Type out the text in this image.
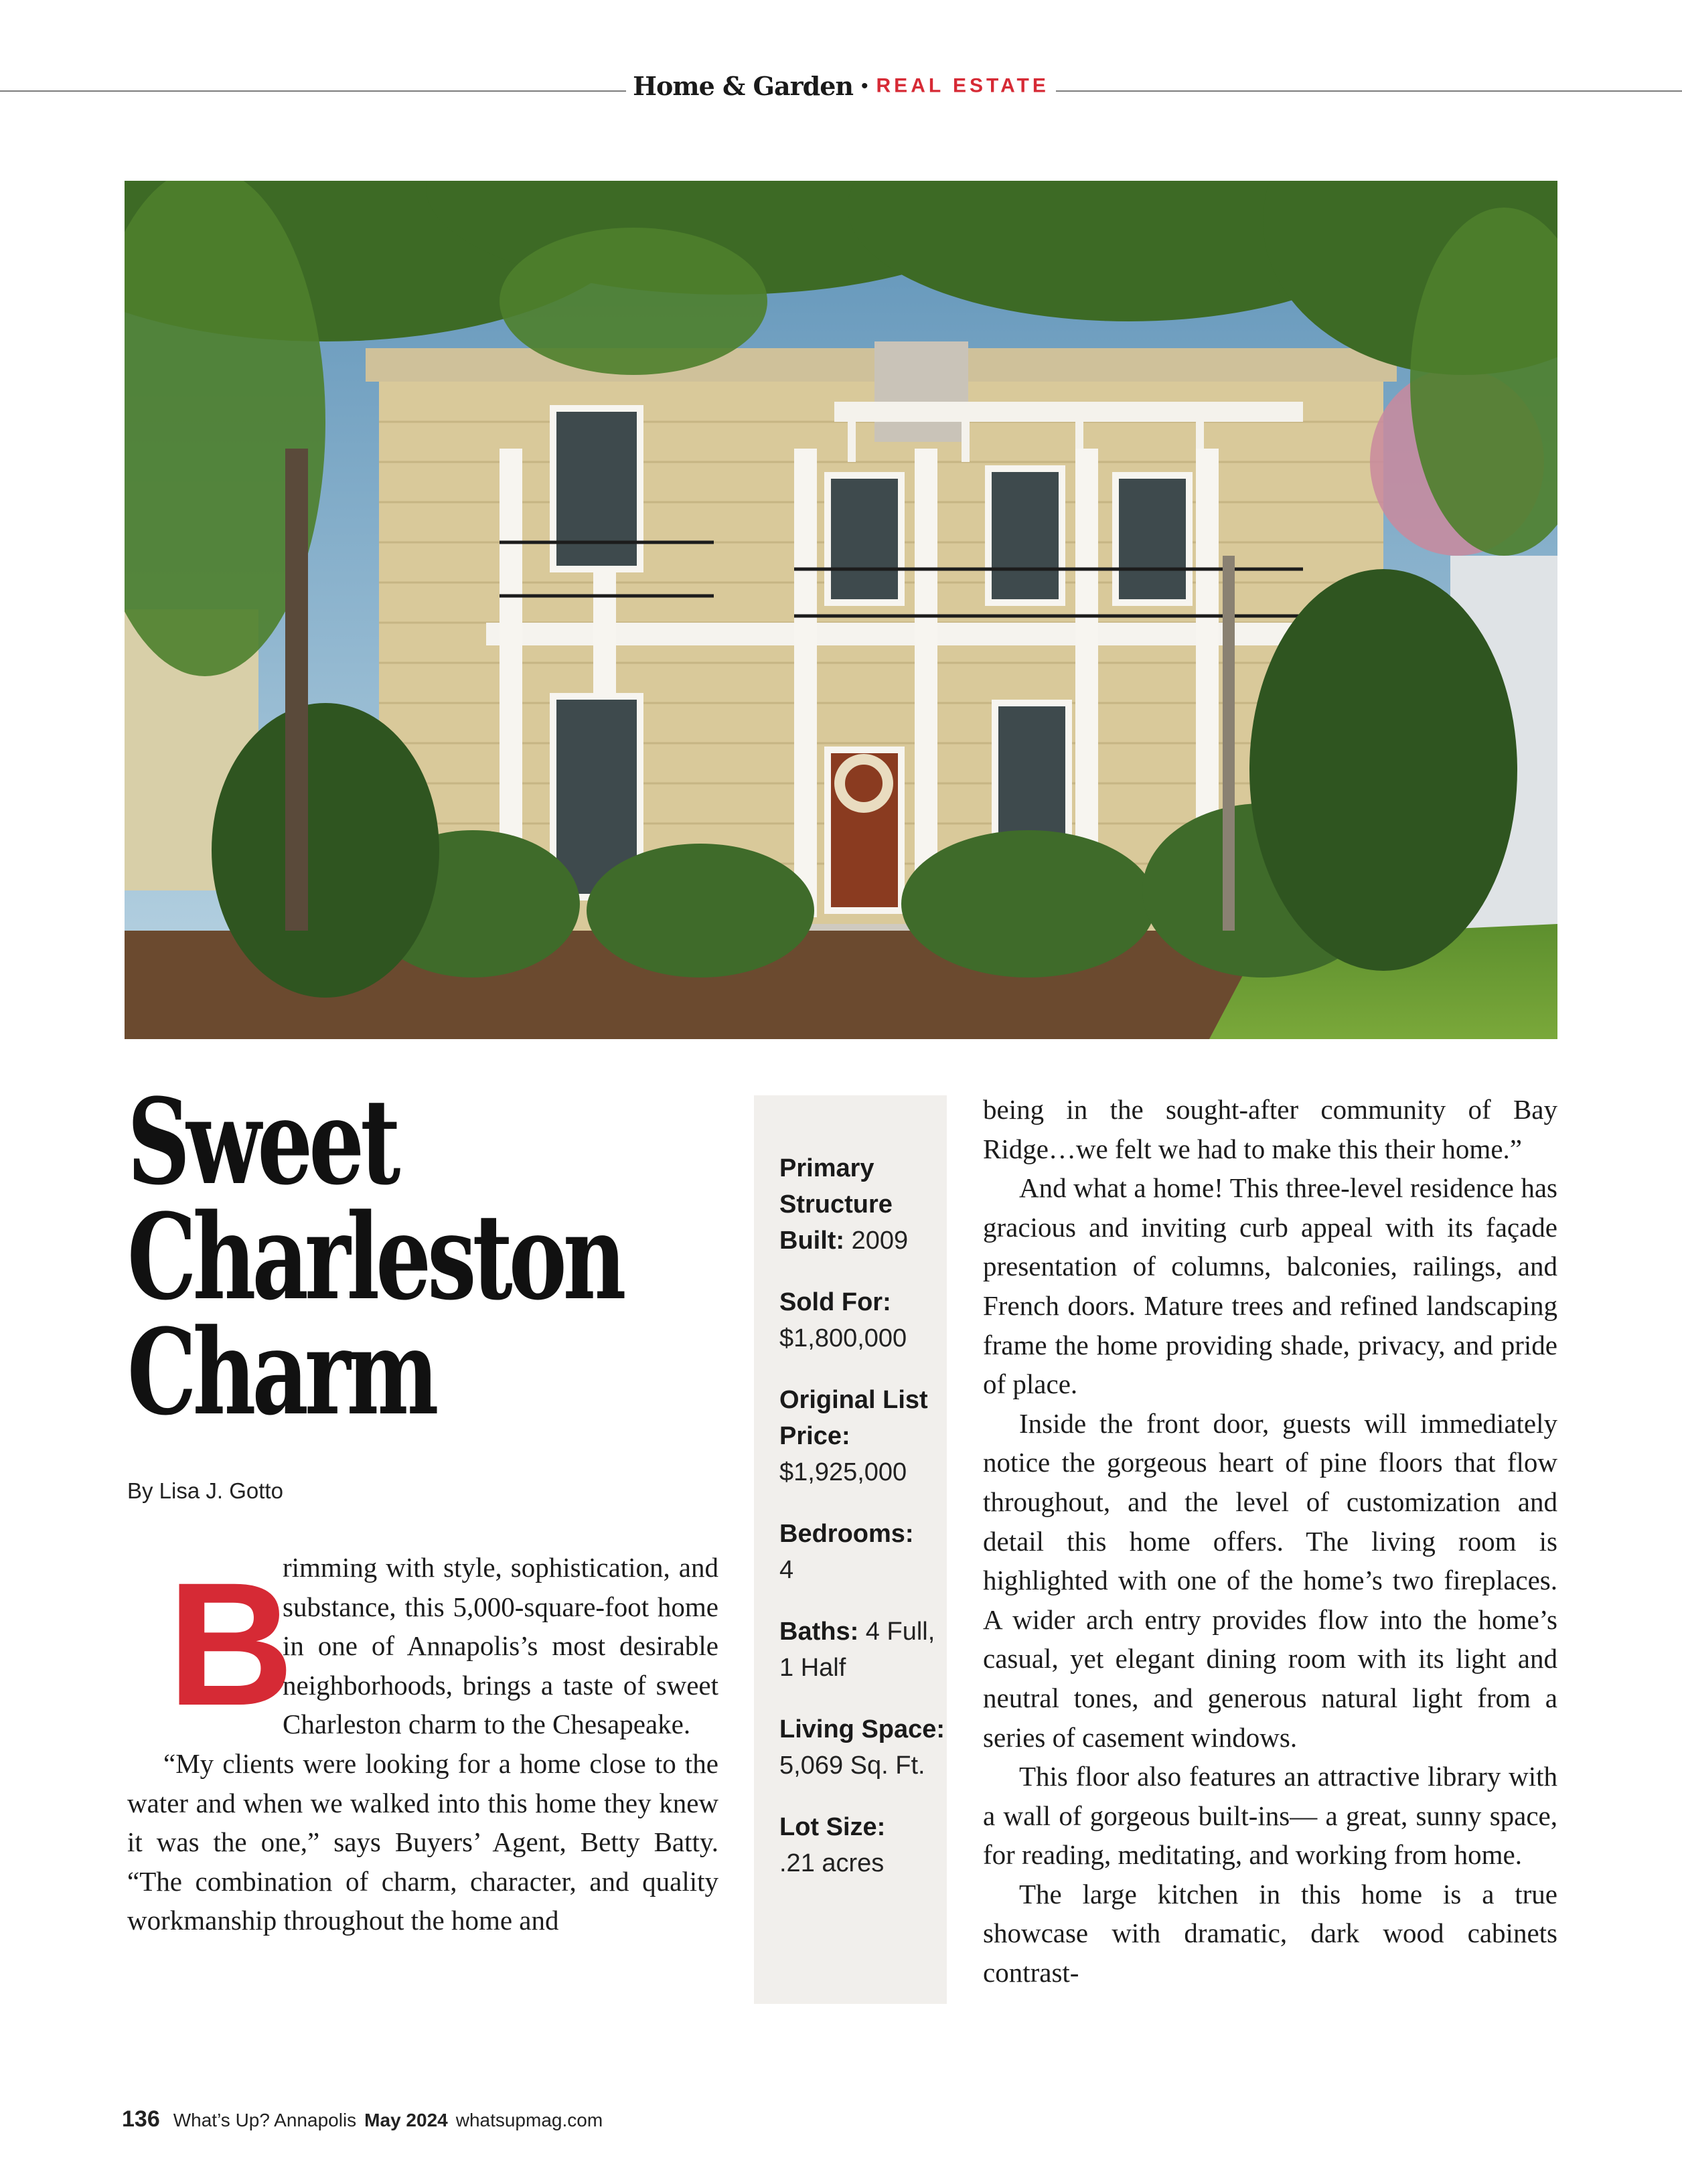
Home & Garden • REAL ESTATE
Sweet
Charleston
Charm
By Lisa J. Gotto
B

rimming with style, sophistication, and substance, this 5,000-square-foot home in one of Annapolis’s most desirable neighborhoods, brings a taste of sweet Charleston charm to the Chesapeake.

“My clients were looking for a home close to the water and when we walked into this home they knew it was the one,” says Buyers’ Agent, Betty Batty. “The combination of charm, character, and quality workmanship throughout the home and

Primary Structure Built: 2009
Sold For:
$1,800,000
Original List Price:
$1,925,000
Bedrooms:
4
Baths: 4 Full, 1 Half
Living Space:
5,069 Sq. Ft.
Lot Size:
.21 acres

being in the sought-after community of Bay Ridge…we felt we had to make this their home.”

And what a home! This three-level residence has gracious and inviting curb appeal with its façade presentation of columns, balconies, railings, and French doors. Mature trees and refined landscaping frame the home providing shade, privacy, and pride of place.

Inside the front door, guests will immediately notice the gorgeous heart of pine floors that flow throughout, and the level of customization and detail this home offers. The living room is highlighted with one of the home’s two fireplaces. A wider arch entry provides flow into the home’s casual, yet elegant dining room with its light and neutral tones, and generous natural light from a series of casement windows.

This floor also features an attractive library with a wall of gorgeous built-ins— a great, sunny space, for reading, meditating, and working from home.

The large kitchen in this home is a true showcase with dramatic, dark wood cabinets contrast-

136 What’s Up? Annapolis May 2024 whatsupmag.com
